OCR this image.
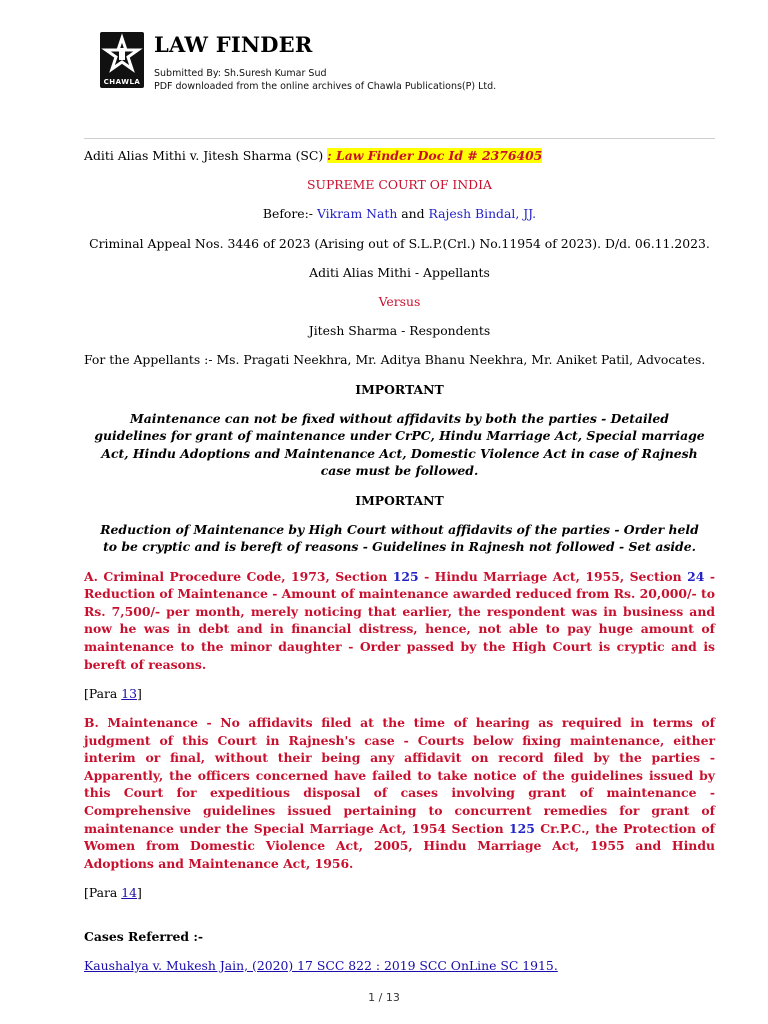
CHAWLA
LAW FINDER
Submitted By: Sh.Suresh Kumar Sud
PDF downloaded from the online archives of Chawla Publications(P) Ltd.

Aditi Alias Mithi v. Jitesh Sharma (SC) : Law Finder Doc Id # 2376405

SUPREME COURT OF INDIA

Before:- Vikram Nath and Rajesh Bindal, JJ.

Criminal Appeal Nos. 3446 of 2023 (Arising out of S.L.P.(Crl.) No.11954 of 2023). D/d. 06.11.2023.

Aditi Alias Mithi - Appellants

Versus

Jitesh Sharma - Respondents

For the Appellants :- Ms. Pragati Neekhra, Mr. Aditya Bhanu Neekhra, Mr. Aniket Patil, Advocates.

IMPORTANT

Maintenance can not be fixed without affidavits by both the parties - Detailed guidelines for grant of maintenance under CrPC, Hindu Marriage Act, Special marriage Act, Hindu Adoptions and Maintenance Act, Domestic Violence Act in case of Rajnesh case must be followed.

IMPORTANT

Reduction of Maintenance by High Court without affidavits of the parties - Order held to be cryptic and is bereft of reasons - Guidelines in Rajnesh not followed - Set aside.

A. Criminal Procedure Code, 1973, Section 125 - Hindu Marriage Act, 1955, Section 24 - Reduction of Maintenance - Amount of maintenance awarded reduced from Rs. 20,000/- to Rs. 7,500/- per month, merely noticing that earlier, the respondent was in business and now he was in debt and in financial distress, hence, not able to pay huge amount of maintenance to the minor daughter - Order passed by the High Court is cryptic and is bereft of reasons.

[Para 13]

B. Maintenance - No affidavits filed at the time of hearing as required in terms of judgment of this Court in Rajnesh's case - Courts below fixing maintenance, either interim or final, without their being any affidavit on record filed by the parties - Apparently, the officers concerned have failed to take notice of the guidelines issued by this Court for expeditious disposal of cases involving grant of maintenance - Comprehensive guidelines issued pertaining to concurrent remedies for grant of maintenance under the Special Marriage Act, 1954 Section 125 Cr.P.C., the Protection of Women from Domestic Violence Act, 2005, Hindu Marriage Act, 1955 and Hindu Adoptions and Maintenance Act, 1956.

[Para 14]

Cases Referred :-

Kaushalya v. Mukesh Jain, (2020) 17 SCC 822 : 2019 SCC OnLine SC 1915.

1 / 13
